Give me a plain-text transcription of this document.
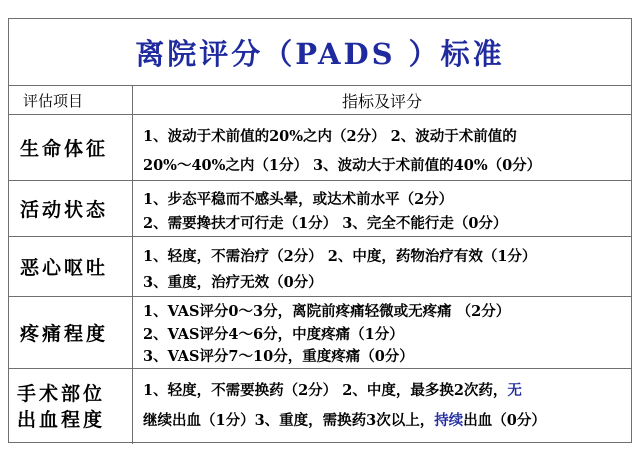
离院评分（PADS ）标准
评估项目	指标及评分
生命体征
1、波动于术前值的20%之内（2分） 2、波动于术前值的
20%～40%之内（1分） 3、波动大于术前值的40%（0分）
活动状态 1、步态平稳而不感头晕，或达术前水平（2分）
2、需要搀扶才可行走（1分） 3、完全不能行走（0分）
恶心呕吐
1、轻度，不需治疗（2分） 2、中度，药物治疗有效（1分）
3、重度，治疗无效（0分）
疼痛程度
1、VAS评分0～3分，离院前疼痛轻微或无疼痛 （2分）
2、VAS评分4～6分，中度疼痛（1分）
3、VAS评分7～10分，重度疼痛（0分）
手术部位出血程度
1、轻度，不需要换药（2分） 2、中度，最多换2次药，无
继续出血（1分）3、重度，需换药3次以上，持续出血（0分）
